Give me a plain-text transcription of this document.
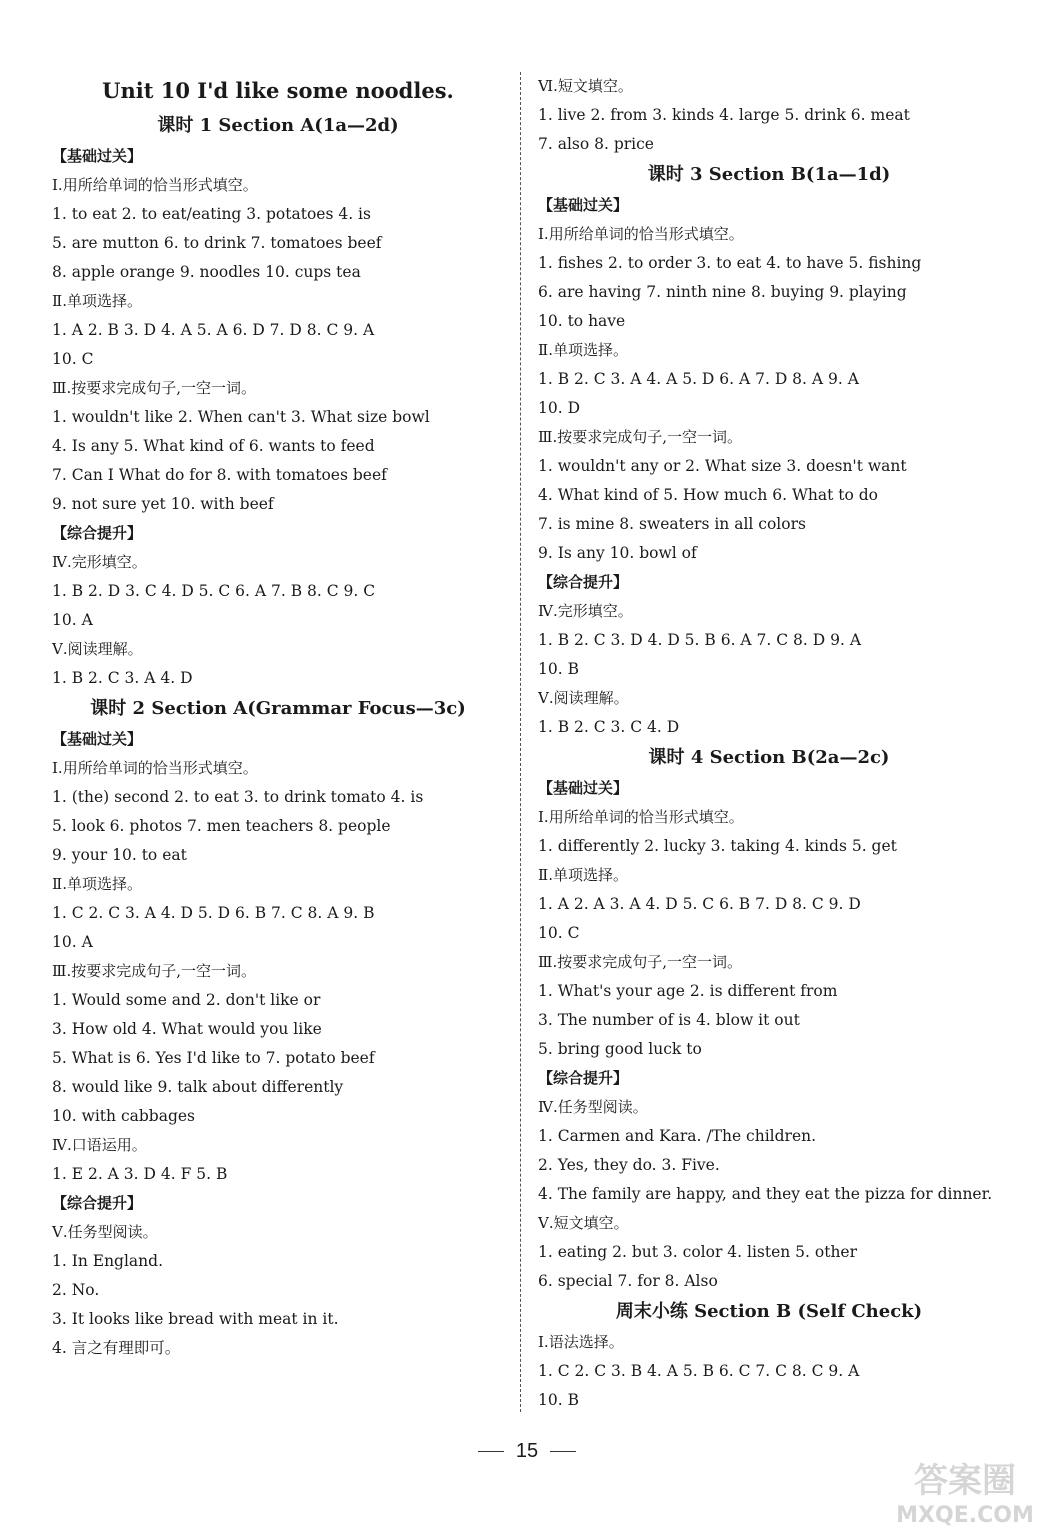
Unit 10 I'd like some noodles.
课时 1 Section A(1a—2d)
【基础过关】
Ⅰ.用所给单词的恰当形式填空。
1. to eat 2. to eat/eating 3. potatoes 4. is
5. are mutton 6. to drink 7. tomatoes beef
8. apple orange 9. noodles 10. cups tea
Ⅱ.单项选择。
1. A 2. B 3. D 4. A 5. A 6. D 7. D 8. C 9. A
10. C
Ⅲ.按要求完成句子,一空一词。
1. wouldn't like 2. When can't 3. What size bowl
4. Is any 5. What kind of 6. wants to feed
7. Can I What do for 8. with tomatoes beef
9. not sure yet 10. with beef
【综合提升】
Ⅳ.完形填空。
1. B 2. D 3. C 4. D 5. C 6. A 7. B 8. C 9. C
10. A
Ⅴ.阅读理解。
1. B 2. C 3. A 4. D
课时 2 Section A(Grammar Focus—3c)
【基础过关】
Ⅰ.用所给单词的恰当形式填空。
1. (the) second 2. to eat 3. to drink tomato 4. is
5. look 6. photos 7. men teachers 8. people
9. your 10. to eat
Ⅱ.单项选择。
1. C 2. C 3. A 4. D 5. D 6. B 7. C 8. A 9. B
10. A
Ⅲ.按要求完成句子,一空一词。
1. Would some and 2. don't like or
3. How old 4. What would you like
5. What is 6. Yes I'd like to 7. potato beef
8. would like 9. talk about differently
10. with cabbages
Ⅳ.口语运用。
1. E 2. A 3. D 4. F 5. B
【综合提升】
Ⅴ.任务型阅读。
1. In England.
2. No.
3. It looks like bread with meat in it.
4. 言之有理即可。
Ⅵ.短文填空。
1. live 2. from 3. kinds 4. large 5. drink 6. meat
7. also 8. price
课时 3 Section B(1a—1d)
【基础过关】
Ⅰ.用所给单词的恰当形式填空。
1. fishes 2. to order 3. to eat 4. to have 5. fishing
6. are having 7. ninth nine 8. buying 9. playing
10. to have
Ⅱ.单项选择。
1. B 2. C 3. A 4. A 5. D 6. A 7. D 8. A 9. A
10. D
Ⅲ.按要求完成句子,一空一词。
1. wouldn't any or 2. What size 3. doesn't want
4. What kind of 5. How much 6. What to do
7. is mine 8. sweaters in all colors
9. Is any 10. bowl of
【综合提升】
Ⅳ.完形填空。
1. B 2. C 3. D 4. D 5. B 6. A 7. C 8. D 9. A
10. B
Ⅴ.阅读理解。
1. B 2. C 3. C 4. D
课时 4 Section B(2a—2c)
【基础过关】
Ⅰ.用所给单词的恰当形式填空。
1. differently 2. lucky 3. taking 4. kinds 5. get
Ⅱ.单项选择。
1. A 2. A 3. A 4. D 5. C 6. B 7. D 8. C 9. D
10. C
Ⅲ.按要求完成句子,一空一词。
1. What's your age 2. is different from
3. The number of is 4. blow it out
5. bring good luck to
【综合提升】
Ⅳ.任务型阅读。
1. Carmen and Kara. /The children.
2. Yes, they do. 3. Five.
4. The family are happy, and they eat the pizza for dinner.
Ⅴ.短文填空。
1. eating 2. but 3. color 4. listen 5. other
6. special 7. for 8. Also
周末小练 Section B (Self Check)
Ⅰ.语法选择。
1. C 2. C 3. B 4. A 5. B 6. C 7. C 8. C 9. A
10. B
15
答案圈
MXQE.COM
